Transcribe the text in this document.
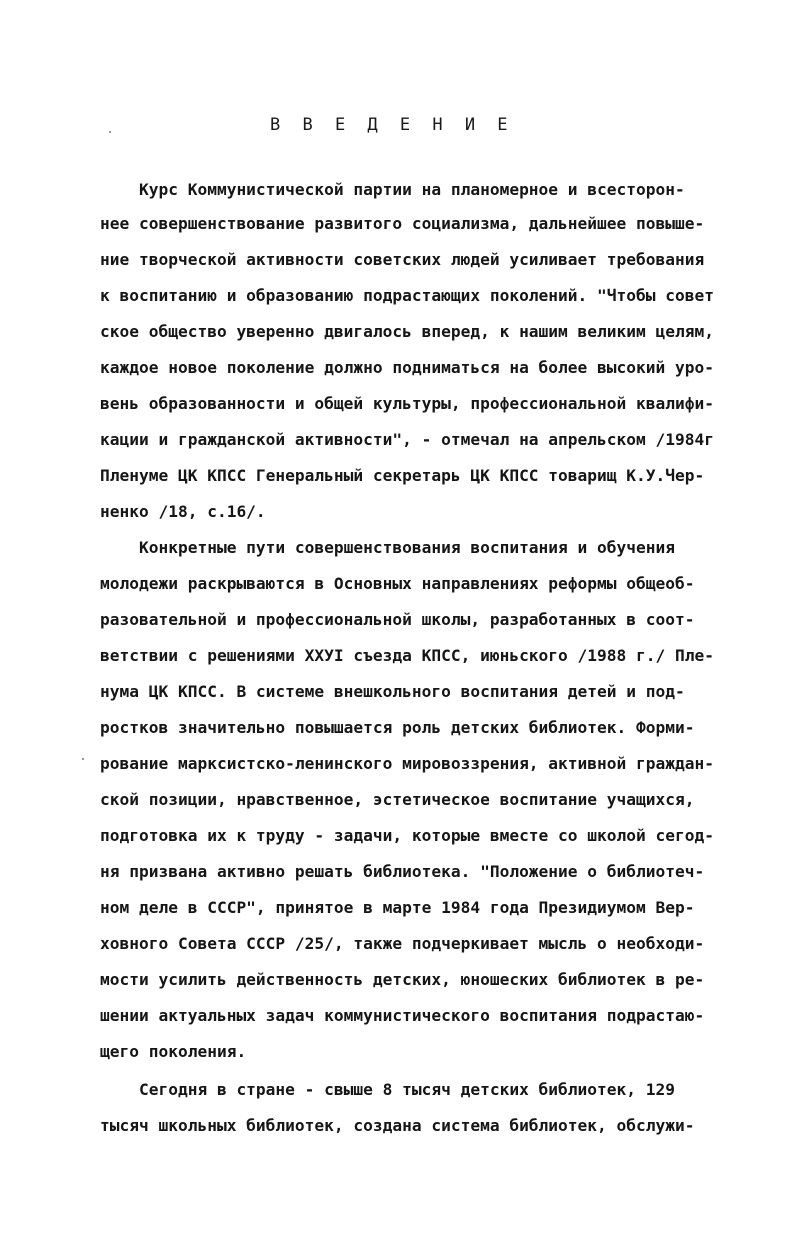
В В Е Д Е Н И Е
Курс Коммунистической партии на планомерное и всесторон-
нее совершенствование развитого социализма, дальнейшее повыше-
ние творческой активности советских людей усиливает требования
к воспитанию и образованию подрастающих поколений. "Чтобы совет
ское общество уверенно двигалось вперед, к нашим великим целям,
каждое новое поколение должно подниматься на более высокий уро-
вень образованности и общей культуры, профессиональной квалифи-
кации и гражданской активности", - отмечал на апрельском /1984г
Пленуме ЦК КПСС Генеральный секретарь ЦК КПСС товарищ К.У.Чер-
ненко /18, с.16/.
Конкретные пути совершенствования воспитания и обучения
молодежи раскрываются в Основных направлениях реформы общеоб-
разовательной и профессиональной школы, разработанных в соот-
ветствии с решениями XXУI съезда КПСС, июньского /1988 г./ Пле-
нума ЦК КПСС. В системе внешкольного воспитания детей и под-
ростков значительно повышается роль детских библиотек. Форми-
рование марксистско-ленинского мировоззрения, активной граждан-
ской позиции, нравственное, эстетическое воспитание учащихся,
подготовка их к труду - задачи, которые вместе со школой сегод-
ня призвана активно решать библиотека. "Положение о библиотеч-
ном деле в СССР", принятое в марте 1984 года Президиумом Вер-
ховного Совета СССР /25/, также подчеркивает мысль о необходи-
мости усилить действенность детских, юношеских библиотек в ре-
шении актуальных задач коммунистического воспитания подрастаю-
щего поколения.
Сегодня в стране - свыше 8 тысяч детских библиотек, 129
тысяч школьных библиотек, создана система библиотек, обслужи-
